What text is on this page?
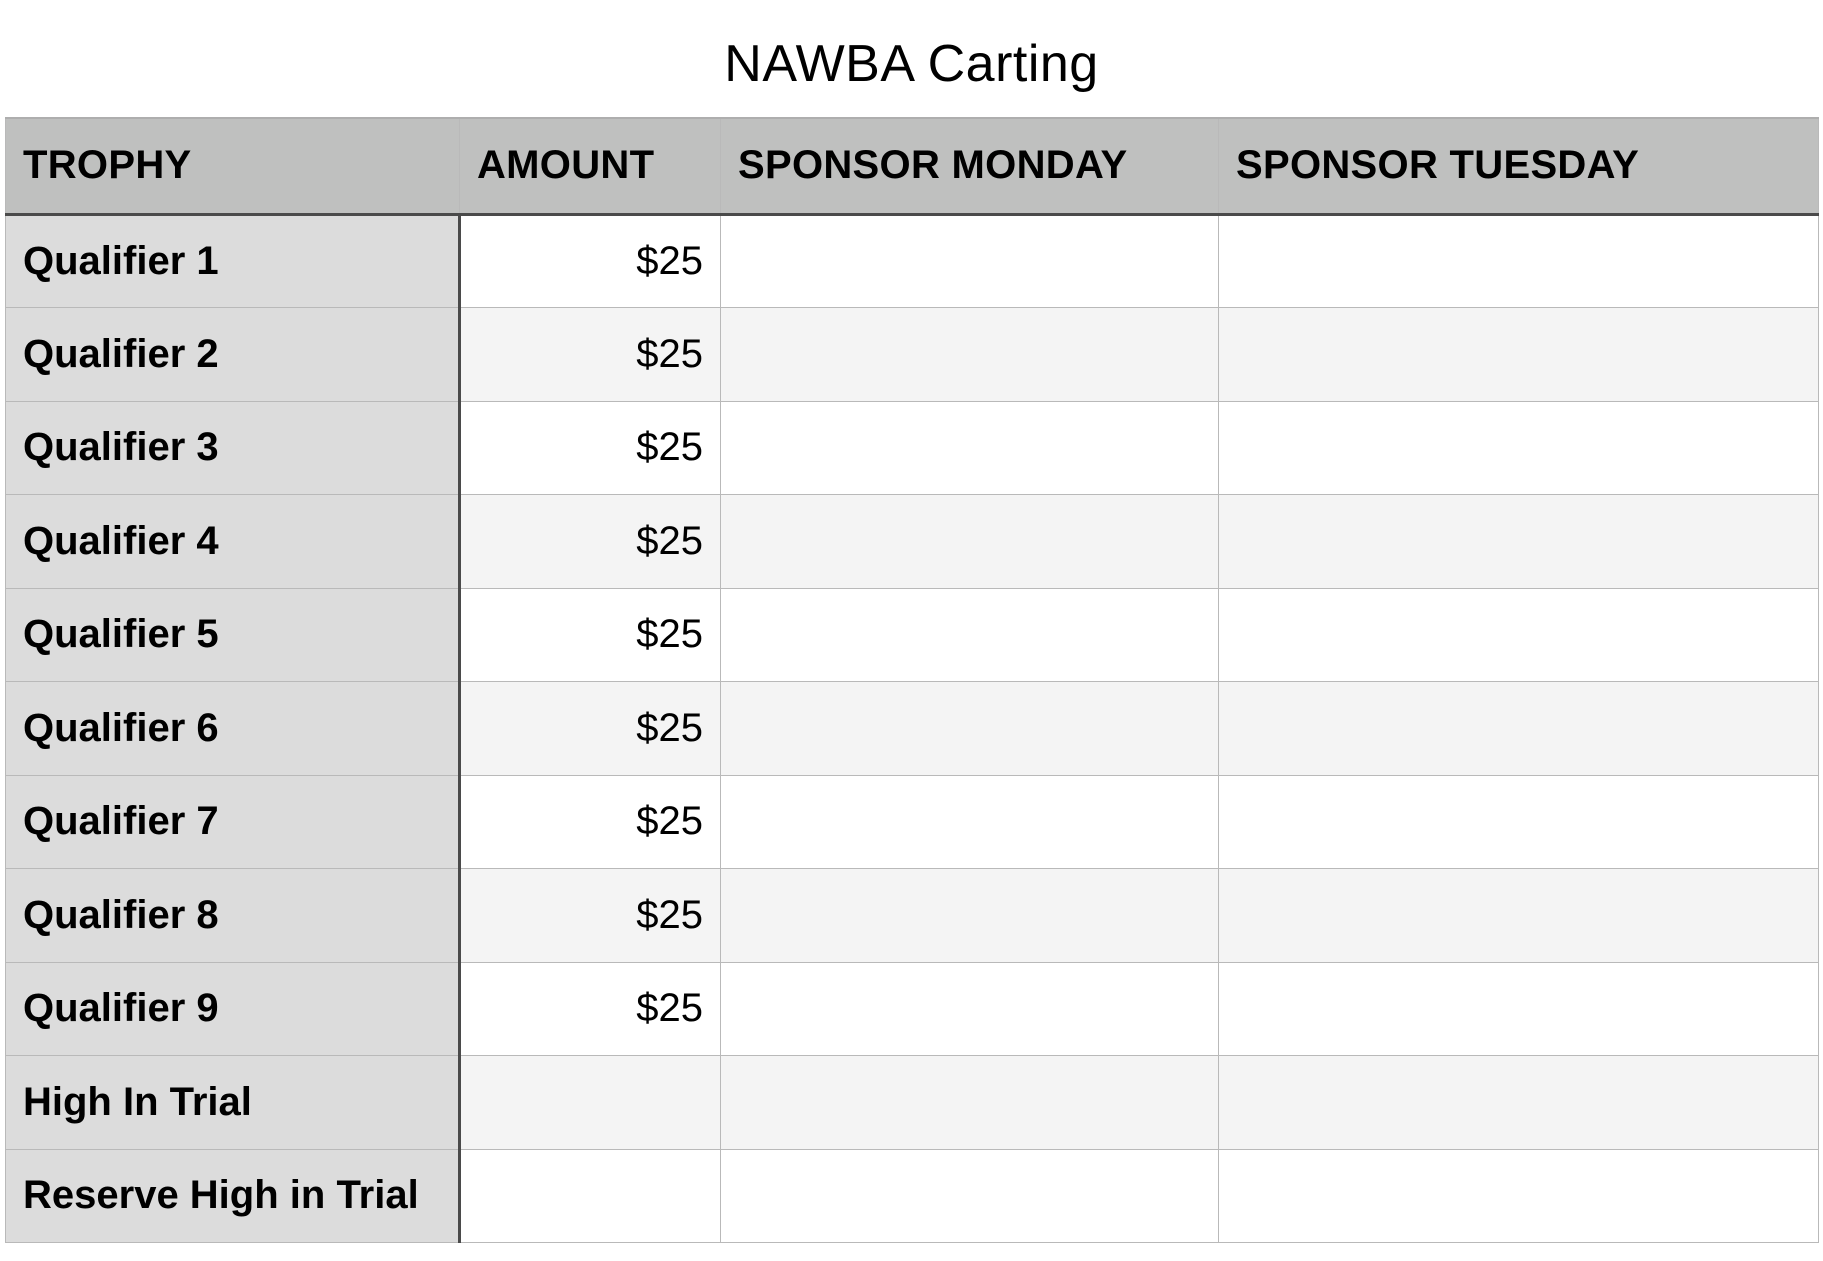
NAWBA Carting
TROPHY	AMOUNT	SPONSOR MONDAY	SPONSOR TUESDAY
Qualifier 1	$25		
Qualifier 2	$25		
Qualifier 3	$25		
Qualifier 4	$25		
Qualifier 5	$25		
Qualifier 6	$25		
Qualifier 7	$25		
Qualifier 8	$25		
Qualifier 9	$25		
High In Trial			
Reserve High in Trial			
